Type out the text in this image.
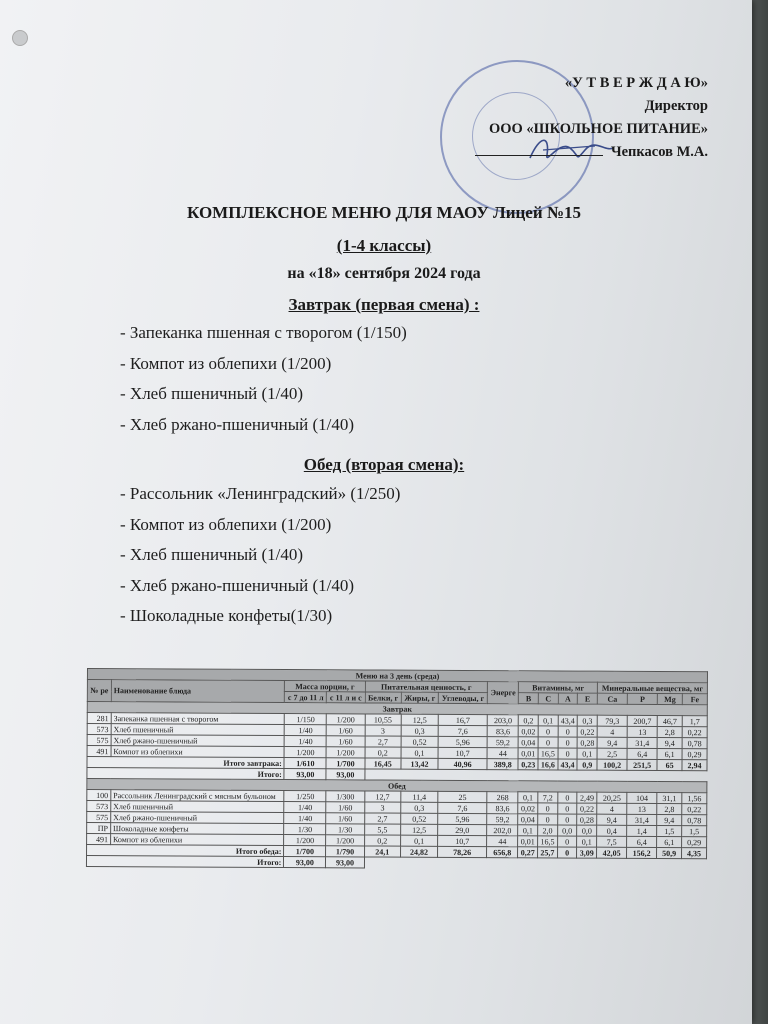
«У Т В Е Р Ж Д А Ю»
Директор
ООО «ШКОЛЬНОЕ ПИТАНИЕ»
Чепкасов М.А.
КОМПЛЕКСНОЕ МЕНЮ ДЛЯ МАОУ Лицей №15
(1-4 классы)
на «18» сентября 2024 года
Завтрак (первая смена) :
- Запеканка пшенная с творогом (1/150)
- Компот из облепихи (1/200)
- Хлеб пшеничный (1/40)
- Хлеб ржано-пшеничный (1/40)
Обед (вторая смена):
- Рассольник «Ленинградский» (1/250)
- Компот из облепихи (1/200)
- Хлеб пшеничный (1/40)
- Хлеб ржано-пшеничный (1/40)
- Шоколадные конфеты(1/30)
Меню на 3 день (среда)															
№ ре	Наименование блюда	Масса порции, г		Питательная ценность, г			Энерге	Витамины, мг				Минеральные вещества, мг			
		с 7 до 11 л	с 11 л и с	Белки, г	Жиры, г	Углеводы, г		B	C	A	E	Ca	P	Mg	Fe
Завтрак															
281	Запеканка пшенная с творогом	1/150	1/200	10,55	12,5	16,7	203,0	0,2	0,1	43,4	0,3	79,3	200,7	46,7	1,7
573	Хлеб пшеничный	1/40	1/60	3	0,3	7,6	83,6	0,02	0	0	0,22	4	13	2,8	0,22
575	Хлеб ржано-пшеничный	1/40	1/60	2,7	0,52	5,96	59,2	0,04	0	0	0,28	9,4	31,4	9,4	0,78
491	Компот из облепихи	1/200	1/200	0,2	0,1	10,7	44	0,01	16,5	0	0,1	2,5	6,4	6,1	0,29
Итого завтрака:		1/610	1/700	16,45	13,42	40,96	389,8	0,23	16,6	43,4	0,9	100,2	251,5	65	2,94
Итого:		93,00	93,00												
Обед															
100	Рассольник Ленинградский с мясным бульоном	1/250	1/300	12,7	11,4	25	268	0,1	7,2	0	2,49	20,25	104	31,1	1,56
573	Хлеб пшеничный	1/40	1/60	3	0,3	7,6	83,6	0,02	0	0	0,22	4	13	2,8	0,22
575	Хлеб ржано-пшеничный	1/40	1/60	2,7	0,52	5,96	59,2	0,04	0	0	0,28	9,4	31,4	9,4	0,78
ПР	Шоколадные конфеты	1/30	1/30	5,5	12,5	29,0	202,0	0,1	2,0	0,0	0,0	0,4	1,4	1,5	1,5
491	Компот из облепихи	1/200	1/200	0,2	0,1	10,7	44	0,01	16,5	0	0,1	7,5	6,4	6,1	0,29
Итого обеда:		1/700	1/790	24,1	24,82	78,26	656,8	0,27	25,7	0	3,09	42,05	156,2	50,9	4,35
Итого:		93,00	93,00												
